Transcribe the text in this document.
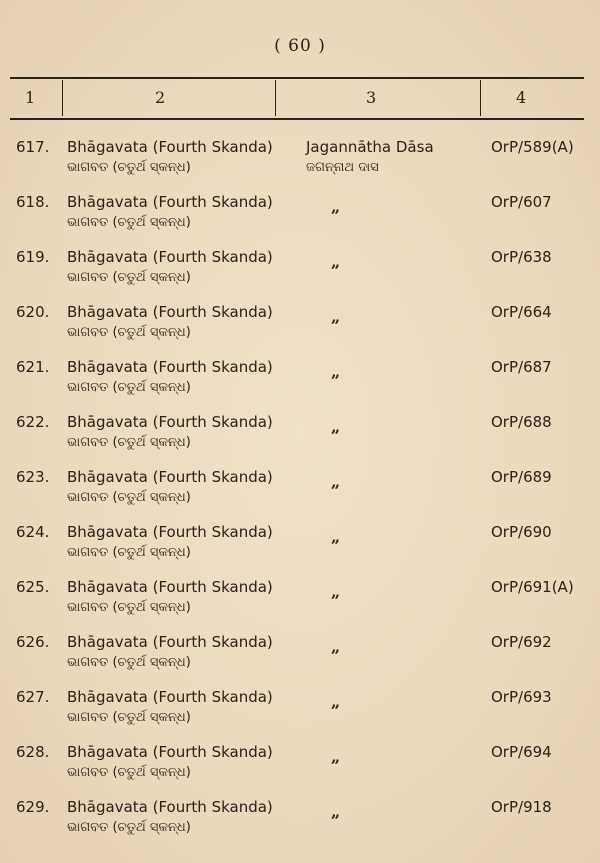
( 60 )
1	2	3	4
617. Bhāgavata (Fourth Skanda)
ଭାଗବତ (ଚତୁର୍ଥ ସ୍କନ୍ଧ)
Jagannātha Dāsa
ଜଗନ୍ନାଥ ଦାସ
OrP/589(A)
618. Bhāgavata (Fourth Skanda)
ଭାଗବତ (ଚତୁର୍ଥ ସ୍କନ୍ଧ)
„	OrP/607
619. Bhāgavata (Fourth Skanda)
ଭାଗବତ (ଚତୁର୍ଥ ସ୍କନ୍ଧ)
„	OrP/638
620. Bhāgavata (Fourth Skanda)
ଭାଗବତ (ଚତୁର୍ଥ ସ୍କନ୍ଧ)
„	OrP/664
621. Bhāgavata (Fourth Skanda)
ଭାଗବତ (ଚତୁର୍ଥ ସ୍କନ୍ଧ)
„	OrP/687
622. Bhāgavata (Fourth Skanda)
ଭାଗବତ (ଚତୁର୍ଥ ସ୍କନ୍ଧ)
„	OrP/688
623. Bhāgavata (Fourth Skanda)
ଭାଗବତ (ଚତୁର୍ଥ ସ୍କନ୍ଧ)
„	OrP/689
624. Bhāgavata (Fourth Skanda)
ଭାଗବତ (ଚତୁର୍ଥ ସ୍କନ୍ଧ)
„	OrP/690
625. Bhāgavata (Fourth Skanda)
ଭାଗବତ (ଚତୁର୍ଥ ସ୍କନ୍ଧ)
„	OrP/691(A)
626. Bhāgavata (Fourth Skanda)
ଭାଗବତ (ଚତୁର୍ଥ ସ୍କନ୍ଧ)
„	OrP/692
627. Bhāgavata (Fourth Skanda)
ଭାଗବତ (ଚତୁର୍ଥ ସ୍କନ୍ଧ)
„	OrP/693
628. Bhāgavata (Fourth Skanda)
ଭାଗବତ (ଚତୁର୍ଥ ସ୍କନ୍ଧ)
„	OrP/694
629. Bhāgavata (Fourth Skanda)
ଭାଗବତ (ଚତୁର୍ଥ ସ୍କନ୍ଧ)
„	OrP/918
